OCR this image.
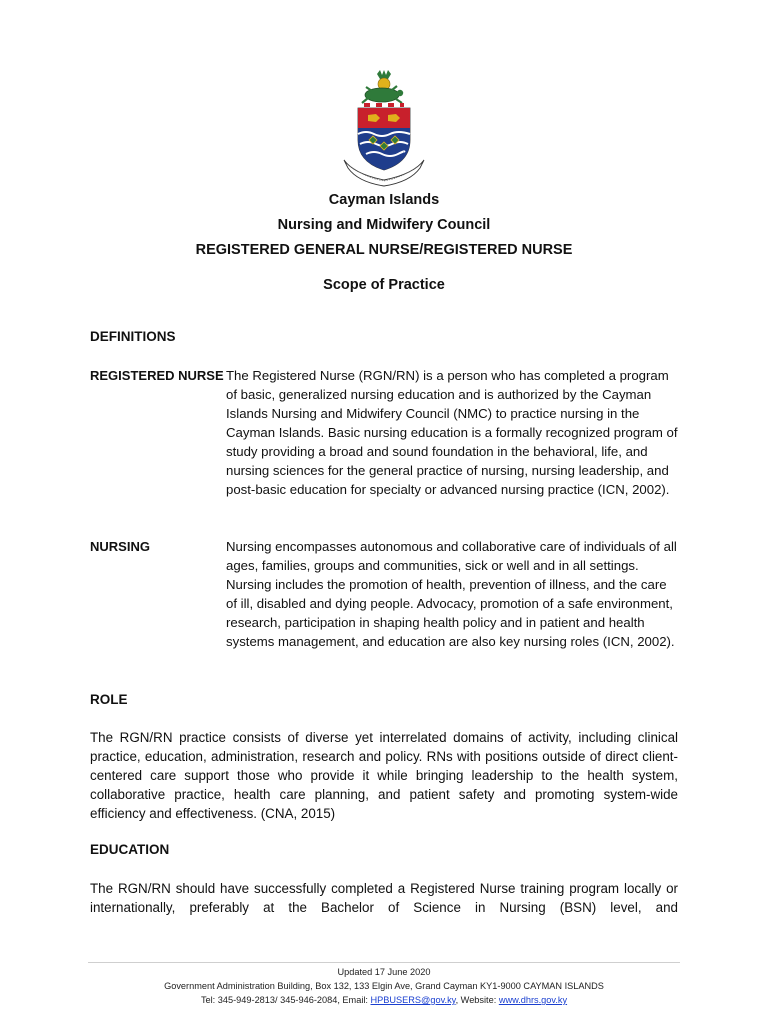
Cayman Islands
Nursing and Midwifery Council
REGISTERED GENERAL NURSE/REGISTERED NURSE
Scope of Practice
DEFINITIONS
REGISTERED NURSE The Registered Nurse (RGN/RN) is a person who has completed a program of basic, generalized nursing education and is authorized by the Cayman Islands Nursing and Midwifery Council (NMC) to practice nursing in the Cayman Islands. Basic nursing education is a formally recognized program of study providing a broad and sound foundation in the behavioral, life, and nursing sciences for the general practice of nursing, nursing leadership, and post-basic education for specialty or advanced nursing practice (ICN, 2002).
NURSING	Nursing encompasses autonomous and collaborative care of individuals of all ages, families, groups and communities, sick or well and in all settings. Nursing includes the promotion of health, prevention of illness, and the care of ill, disabled and dying people. Advocacy, promotion of a safe environment, research, participation in shaping health policy and in patient and health systems management, and education are also key nursing roles (ICN, 2002).
ROLE
The RGN/RN practice consists of diverse yet interrelated domains of activity, including clinical practice, education, administration, research and policy. RNs with positions outside of direct client-centered care support those who provide it while bringing leadership to the health system, collaborative practice, health care planning, and patient safety and promoting system-wide efficiency and effectiveness. (CNA, 2015)
EDUCATION
The RGN/RN should have successfully completed a Registered Nurse training program locally or internationally, preferably at the Bachelor of Science in Nursing (BSN) level, and
Updated 17 June 2020
Government Administration Building, Box 132, 133 Elgin Ave, Grand Cayman KY1-9000 CAYMAN ISLANDS
Tel: 345-949-2813/ 345-946-2084, Email: HPBUSERS@gov.ky, Website: www.dhrs.gov.ky
